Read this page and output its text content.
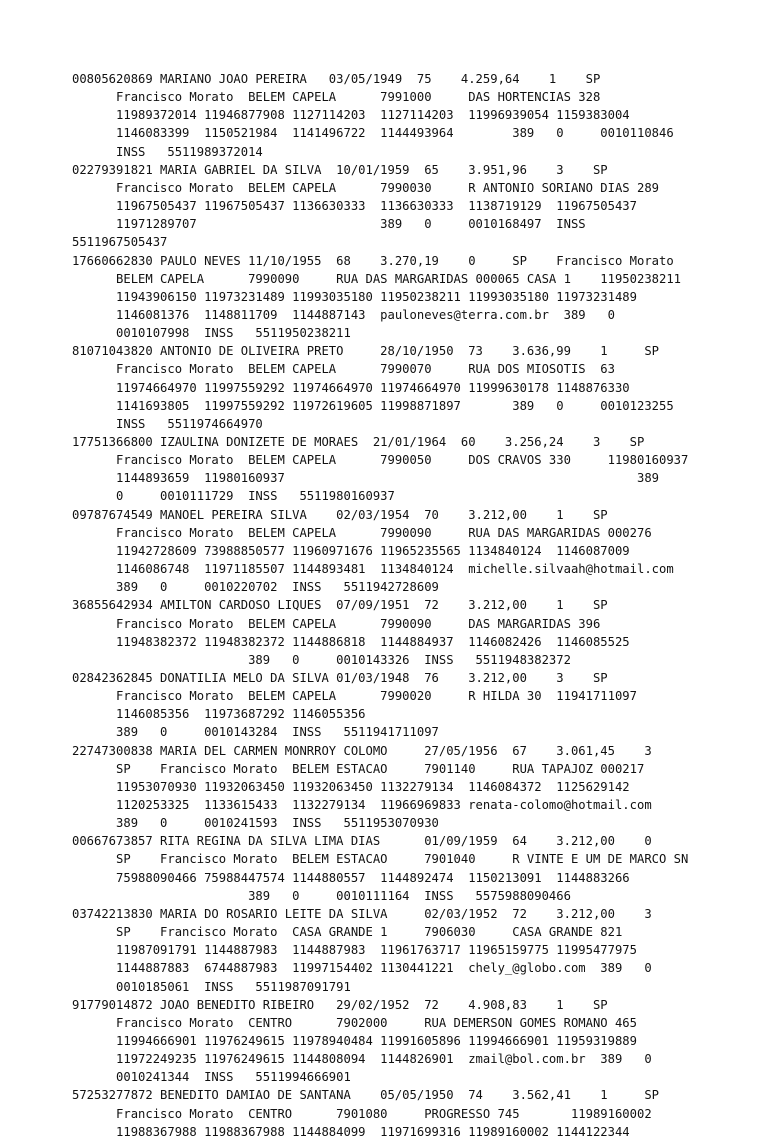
00805620869 MARIANO JOAO PEREIRA   03/05/1949  75    4.259,64    1    SP
Francisco Morato  BELEM CAPELA      7991000     DAS HORTENCIAS 328
11989372014 11946877908 1127114203  1127114203  11996939054 1159383004
1146083399  1150521984  1141496722  1144493964        389   0     0010110846
INSS   5511989372014
02279391821 MARIA GABRIEL DA SILVA  10/01/1959  65    3.951,96    3    SP
Francisco Morato  BELEM CAPELA      7990030     R ANTONIO SORIANO DIAS 289
11967505437 11967505437 1136630333  1136630333  1138719129  11967505437
11971289707                         389   0     0010168497  INSS
5511967505437
17660662830 PAULO NEVES 11/10/1955  68    3.270,19    0     SP    Francisco Morato
BELEM CAPELA      7990090     RUA DAS MARGARIDAS 000065 CASA 1    11950238211
11943906150 11973231489 11993035180 11950238211 11993035180 11973231489
1146081376  1148811709  1144887143  pauloneves@terra.com.br  389   0
0010107998  INSS   5511950238211
81071043820 ANTONIO DE OLIVEIRA PRETO     28/10/1950  73    3.636,99    1     SP
Francisco Morato  BELEM CAPELA      7990070     RUA DOS MIOSOTIS  63
11974664970 11997559292 11974664970 11974664970 11999630178 1148876330
1141693805  11997559292 11972619605 11998871897       389   0     0010123255
INSS   5511974664970
17751366800 IZAULINA DONIZETE DE MORAES  21/01/1964  60    3.256,24    3    SP
Francisco Morato  BELEM CAPELA      7990050     DOS CRAVOS 330     11980160937
1144893659  11980160937                                                389
0     0010111729  INSS   5511980160937
09787674549 MANOEL PEREIRA SILVA    02/03/1954  70    3.212,00    1    SP
Francisco Morato  BELEM CAPELA      7990090     RUA DAS MARGARIDAS 000276
11942728609 73988850577 11960971676 11965235565 1134840124  1146087009
1146086748  11971185507 1144893481  1134840124  michelle.silvaah@hotmail.com
389   0     0010220702  INSS   5511942728609
36855642934 AMILTON CARDOSO LIQUES  07/09/1951  72    3.212,00    1    SP
Francisco Morato  BELEM CAPELA      7990090     DAS MARGARIDAS 396
11948382372 11948382372 1144886818  1144884937  1146082426  1146085525
389   0     0010143326  INSS   5511948382372
02842362845 DONATILIA MELO DA SILVA 01/03/1948  76    3.212,00    3    SP
Francisco Morato  BELEM CAPELA      7990020     R HILDA 30  11941711097
1146085356  11973687292 1146055356
389   0     0010143284  INSS   5511941711097
22747300838 MARIA DEL CARMEN MONRROY COLOMO     27/05/1956  67    3.061,45    3
SP    Francisco Morato  BELEM ESTACAO     7901140     RUA TAPAJOZ 000217
11953070930 11932063450 11932063450 1132279134  1146084372  1125629142
1120253325  1133615433  1132279134  11966969833 renata-colomo@hotmail.com
389   0     0010241593  INSS   5511953070930
00667673857 RITA REGINA DA SILVA LIMA DIAS      01/09/1959  64    3.212,00    0
SP    Francisco Morato  BELEM ESTACAO     7901040     R VINTE E UM DE MARCO SN
75988090466 75988447574 1144880557  1144892474  1150213091  1144883266
389   0     0010111164  INSS   5575988090466
03742213830 MARIA DO ROSARIO LEITE DA SILVA     02/03/1952  72    3.212,00    3
SP    Francisco Morato  CASA GRANDE 1     7906030     CASA GRANDE 821
11987091791 1144887983  1144887983  11961763717 11965159775 11995477975
1144887883  6744887983  11997154402 1130441221  chely_@globo.com  389   0
0010185061  INSS   5511987091791
91779014872 JOAO BENEDITO RIBEIRO   29/02/1952  72    4.908,83    1    SP
Francisco Morato  CENTRO      7902000     RUA DEMERSON GOMES ROMANO 465
11994666901 11976249615 11978940484 11991605896 11994666901 11959319889
11972249235 11976249615 1144808094  1144826901  zmail@bol.com.br  389   0
0010241344  INSS   5511994666901
57253277872 BENEDITO DAMIAO DE SANTANA    05/05/1950  74    3.562,41    1     SP
Francisco Morato  CENTRO      7901080     PROGRESSO 745       11989160002
11988367988 11988367988 1144884099  11971699316 11989160002 1144122344
